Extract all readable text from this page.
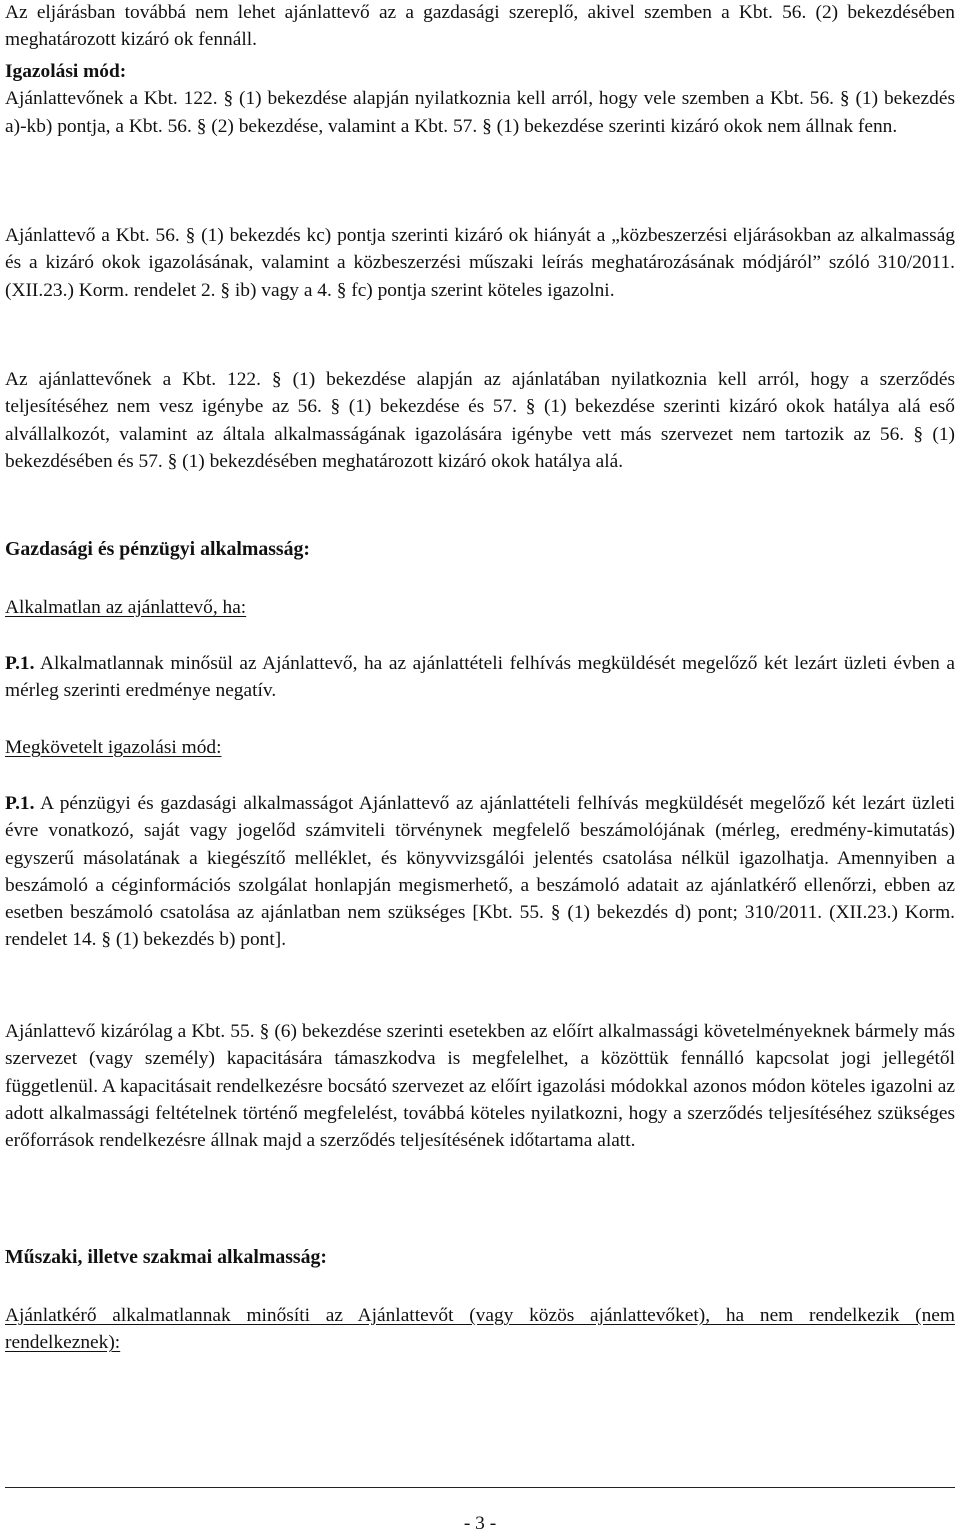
Az eljárásban továbbá nem lehet ajánlattevő az a gazdasági szereplő, akivel szemben a Kbt. 56. (2) bekezdésében meghatározott kizáró ok fennáll.

Igazolási mód:

Ajánlattevőnek a Kbt. 122. § (1) bekezdése alapján nyilatkoznia kell arról, hogy vele szemben a Kbt. 56. § (1) bekezdés a)-kb) pontja, a Kbt. 56. § (2) bekezdése, valamint a Kbt. 57. § (1) bekezdése szerinti kizáró okok nem állnak fenn.

Ajánlattevő a Kbt. 56. § (1) bekezdés kc) pontja szerinti kizáró ok hiányát a „közbeszerzési eljárásokban az alkalmasság és a kizáró okok igazolásának, valamint a közbeszerzési műszaki leírás meghatározásának módjáról” szóló 310/2011. (XII.23.) Korm. rendelet 2. § ib) vagy a 4. § fc) pontja szerint köteles igazolni.

Az ajánlattevőnek a Kbt. 122. § (1) bekezdése alapján az ajánlatában nyilatkoznia kell arról, hogy a szerződés teljesítéséhez nem vesz igénybe az 56. § (1) bekezdése és 57. § (1) bekezdése szerinti kizáró okok hatálya alá eső alvállalkozót, valamint az általa alkalmasságának igazolására igénybe vett más szervezet nem tartozik az 56. § (1) bekezdésében és 57. § (1) bekezdésében meghatározott kizáró okok hatálya alá.

Gazdasági és pénzügyi alkalmasság:

Alkalmatlan az ajánlattevő, ha:

P.1. Alkalmatlannak minősül az Ajánlattevő, ha az ajánlattételi felhívás megküldését megelőző két lezárt üzleti évben a mérleg szerinti eredménye negatív.

Megkövetelt igazolási mód:

P.1. A pénzügyi és gazdasági alkalmasságot Ajánlattevő az ajánlattételi felhívás megküldését megelőző két lezárt üzleti évre vonatkozó, saját vagy jogelőd számviteli törvénynek megfelelő beszámolójának (mérleg, eredmény-kimutatás) egyszerű másolatának a kiegészítő melléklet, és könyvvizsgálói jelentés csatolása nélkül igazolhatja. Amennyiben a beszámoló a céginformációs szolgálat honlapján megismerhető, a beszámoló adatait az ajánlatkérő ellenőrzi, ebben az esetben beszámoló csatolása az ajánlatban nem szükséges [Kbt. 55. § (1) bekezdés d) pont; 310/2011. (XII.23.) Korm. rendelet 14. § (1) bekezdés b) pont].

Ajánlattevő kizárólag a Kbt. 55. § (6) bekezdése szerinti esetekben az előírt alkalmassági követelményeknek bármely más szervezet (vagy személy) kapacitására támaszkodva is megfelelhet, a közöttük fennálló kapcsolat jogi jellegétől függetlenül. A kapacitásait rendelkezésre bocsátó szervezet az előírt igazolási módokkal azonos módon köteles igazolni az adott alkalmassági feltételnek történő megfelelést, továbbá köteles nyilatkozni, hogy a szerződés teljesítéséhez szükséges erőforrások rendelkezésre állnak majd a szerződés teljesítésének időtartama alatt.

Műszaki, illetve szakmai alkalmasság:

Ajánlatkérő alkalmatlannak minősíti az Ajánlattevőt (vagy közös ajánlattevőket), ha nem rendelkezik (nem rendelkeznek):

- 3 -
